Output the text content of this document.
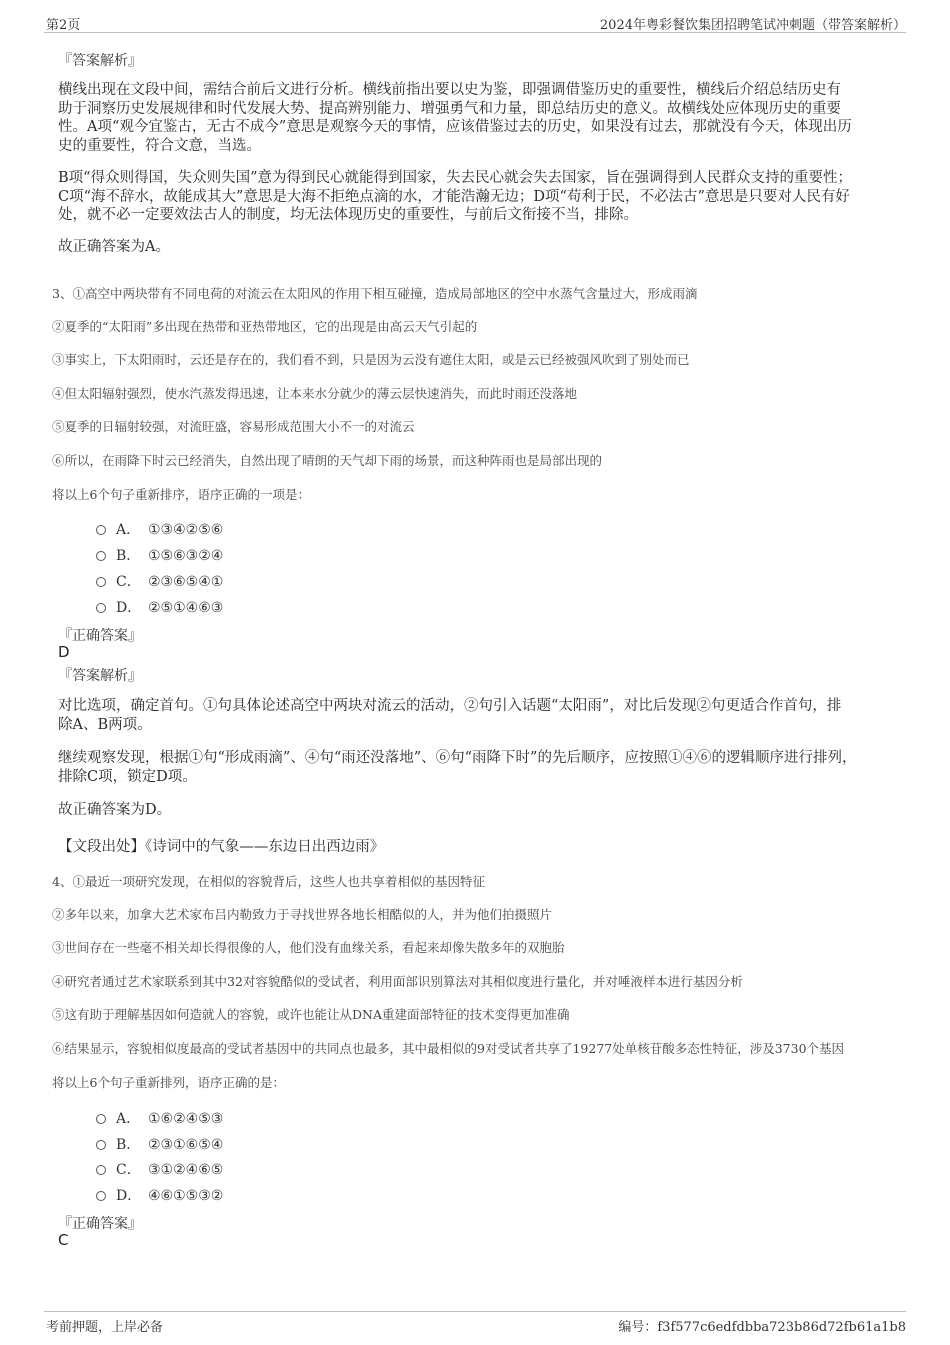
第2页	2024年粤彩餐饮集团招聘笔试冲刺题（带答案解析）
『答案解析』
横线出现在文段中间，需结合前后文进行分析。横线前指出要以史为鉴，即强调借鉴历史的重要性，横线后介绍总结历史有
助于洞察历史发展规律和时代发展大势、提高辨别能力、增强勇气和力量，即总结历史的意义。故横线处应体现历史的重要
性。A项“观今宜鉴古，无古不成今”意思是观察今天的事情，应该借鉴过去的历史，如果没有过去，那就没有今天，体现出历
史的重要性，符合文意，当选。
B项“得众则得国，失众则失国”意为得到民心就能得到国家，失去民心就会失去国家，旨在强调得到人民群众支持的重要性；
C项“海不辞水，故能成其大”意思是大海不拒绝点滴的水，才能浩瀚无边；D项“苟利于民，不必法古”意思是只要对人民有好
处，就不必一定要效法古人的制度，均无法体现历史的重要性，与前后文衔接不当，排除。
故正确答案为A。
3、①高空中两块带有不同电荷的对流云在太阳风的作用下相互碰撞，造成局部地区的空中水蒸气含量过大，形成雨滴
②夏季的“太阳雨”多出现在热带和亚热带地区，它的出现是由高云天气引起的
③事实上，下太阳雨时，云还是存在的，我们看不到，只是因为云没有遮住太阳，或是云已经被强风吹到了别处而已
④但太阳辐射强烈，使水汽蒸发得迅速，让本来水分就少的薄云层快速消失，而此时雨还没落地
⑤夏季的日辐射较强，对流旺盛，容易形成范围大小不一的对流云
⑥所以，在雨降下时云已经消失，自然出现了晴朗的天气却下雨的场景，而这种阵雨也是局部出现的
将以上6个句子重新排序，语序正确的一项是：
A． ①③④②⑤⑥
B． ①⑤⑥③②④
C． ②③⑥⑤④①
D． ②⑤①④⑥③
『正确答案』
D
『答案解析』
对比选项，确定首句。①句具体论述高空中两块对流云的活动，②句引入话题“太阳雨”，对比后发现②句更适合作首句，排
除A、B两项。
继续观察发现，根据①句“形成雨滴”、④句“雨还没落地”、⑥句“雨降下时”的先后顺序，应按照①④⑥的逻辑顺序进行排列，
排除C项，锁定D项。
故正确答案为D。
【文段出处】《诗词中的气象——东边日出西边雨》
4、①最近一项研究发现，在相似的容貌背后，这些人也共享着相似的基因特征
②多年以来，加拿大艺术家布吕内勒致力于寻找世界各地长相酷似的人，并为他们拍摄照片
③世间存在一些毫不相关却长得很像的人，他们没有血缘关系，看起来却像失散多年的双胞胎
④研究者通过艺术家联系到其中32对容貌酷似的受试者，利用面部识别算法对其相似度进行量化，并对唾液样本进行基因分析
⑤这有助于理解基因如何造就人的容貌，或许也能让从DNA重建面部特征的技术变得更加准确
⑥结果显示，容貌相似度最高的受试者基因中的共同点也最多，其中最相似的9对受试者共享了19277处单核苷酸多态性特征，涉及3730个基因
将以上6个句子重新排列，语序正确的是：
A． ①⑥②④⑤③
B． ②③①⑥⑤④
C． ③①②④⑥⑤
D． ④⑥①⑤③②
『正确答案』
C
考前押题，上岸必备	编号：f3f577c6edfdbba723b86d72fb61a1b8
